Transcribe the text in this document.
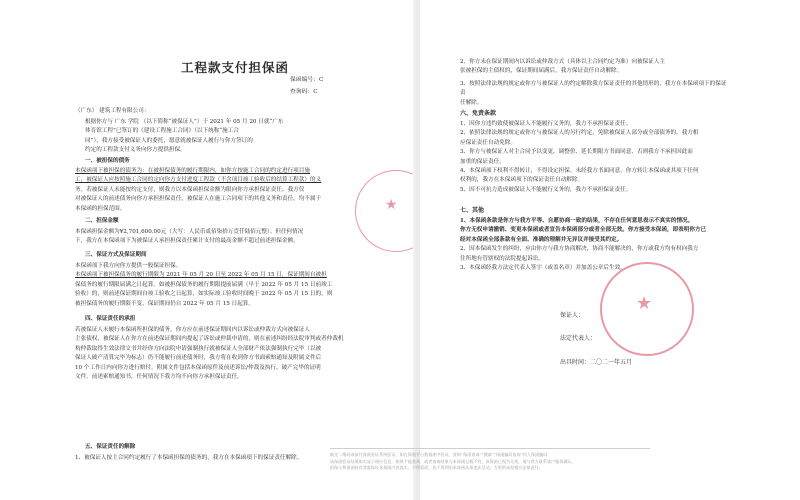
工程款支付担保函
保函编号：C
查询码：C
（广东） 建筑工程有限公司：

根据你方与 广东 学院 （以下简称“被保证人”）于 2021 年 05 月 20 日就“广东

体育馆工程”已签订的《建设工程施工合同》（以下统称“施工合

同”），我方接受被保证人的委托，愿意就被保证人履行与你方签订的

约定的工程款支付义务向你方提供担保。

一、被担保的债务

本保函项下被担保的债务为：在被担保债务的履行期限内，如你方按施工合同的约定进行项目施

工，被保证人应按照施工合同的定向你方支付进度工程款（不含项目竣工验收后的结算工程款）的义

务。若被保证人未能按约定支付，则我方以本保函担保金额为限向你方承担保证责任。我方仅

对被保证人的前述债务向你方承担担保责任，被保证人在施工合同项下的其他义务和责任，均不属于

本保函的担保范围。

二、担保金额

本保函担保金额为¥2,701,600.00元（大写：人民币贰佰柒拾万壹仟陆佰元整）。但任何情况

下，我方在本保函项下为被保证人承担担保责任累计支付的最高金额不超过前述担保金额。

三、保证方式及保证期间

本保函项下我方向你方提供一般保证担保。

本保函项下被担保债务的履行期限为 2021 年 05 月 20 日至 2022 年 05 月 15 日，保证期间自被担

保债务的履行期限届满之日起算。如被担保债务的履行期限提前届满（早于 2022 年 05 月 15 日前竣工

验收）的，则前述保证期间自竣工验收之日起算，如实际竣工验收时间晚于 2022 年 05 月 15 日的，则

被担保债务的履行期限不变，保证期间仍自 2022 年 05 月 15 日起算。

四、保证责任的承担

若被保证人未履行本保函所担保的债务，你方应在前述保证期间内以诉讼或仲裁方式向被保证人

主张债权，被保证人在你方在前述保证期间内提起了诉讼或仲裁申请的，则在前述纠纷经法院审判或者仲裁机

构仲裁取得生效法律文书并经你方向法院申请强制执行就被保证人全部财产依法强制执行完毕（以被

保证人破产清算完毕为标志）仍不能履行前述债务时，我方将在收到你方书面索赔通知及附属文件后

10 个工作日内向你方进行赔付。附属文件包括本保函原件及前述诉讼/仲裁及执行、破产完毕的证明

文件。前述索赔通知书，任何情况下我方均不向你方承担保证责任。

五、保证责任的解除

1、被保证人按主合同约定履行了本保函担保的债务的，我方在本保函项下的保证责任解除。

★

2、你方未在保证期间内以诉讼或仲裁方式（具体以主合同约定为准）向被保证人主

张被担保的主债权的，保证期间届满后，我方保证责任自动解除。

3、按照法律法规的规定或你方与被保证人的约定解除我方保证责任的其他情形的，我方在本保函项下的保证责

任解除。

六、免责条款

1、因你方违约致使被保证人不能履行义务的，我方不承担保证责任。

2、依照法律法规的规定或你方与被保证人的另行约定，免除被保证人部分或全部债务的，我方相

应保证责任自动免除。

3、你方与被保证人对主合同予以变更、调整价、延长期限方书面同意，否则我方不承担因此而

加重的保证责任。

4、本保函项下权利不得转让，不得设定担保。未经我方书面同意，你方转让本保函或其项下任何

权利的，我方在本保函项下的保证责任自动解除。

5、因不可抗力造成被保证人不能履行义务的，我方不承担保证责任。

七、其他

1、本保函条款是你方与我方平等、自愿协商一致的结果，不存在任何意思表示不真实的情况。

你方无权申请撤销、变更本保函或者宣告本保函部分或者全部无效。你方接受本保函，即表明你方已

经对本保函全部条款有全面、准确的理解并无异议并接受其约定。

2、因本保函发生的纠纷，应由你方与我方协商解决，协商不能解决的，你方或我方均有权向我方

住所地有管辖权的法院提起诉讼。

3、本保函经我方法定代表人签字（或盖名章）并加盖公章后生效。

保证人：
法定代表人：
出具时间：二〇二一年五月
★

截至二维码或前往保函验证系统验证。如在保函平台数据库中验证，查询“保函查询”“搜索”“保函编码查询”项入保函编码

该保函验证结果如实显示相应信息，如果不能查询，或者查询结果与本保函记载不符，该保函已视为无效，请与我方联系客户服务确认。

担保人和保函持有者都保证本保函内容真实，不得篡改，也不得利用本保函从事违法活动，否则须承担相应法律责任。
